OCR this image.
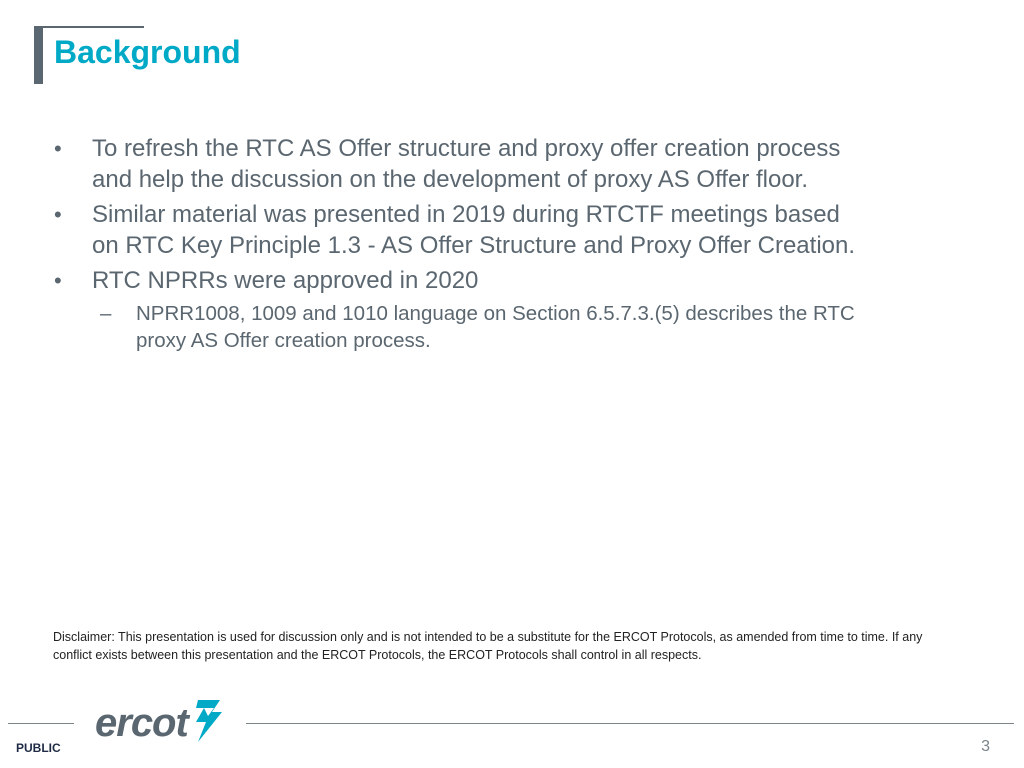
Background
• To refresh the RTC AS Offer structure and proxy offer creation process and help the discussion on the development of proxy AS Offer floor.
• Similar material was presented in 2019 during RTCTF meetings based on RTC Key Principle 1.3 - AS Offer Structure and Proxy Offer Creation.
• RTC NPRRs were approved in 2020
– NPRR1008, 1009 and 1010 language on Section 6.5.7.3.(5) describes the RTC proxy AS Offer creation process.
Disclaimer: This presentation is used for discussion only and is not intended to be a substitute for the ERCOT Protocols, as amended from time to time. If any conflict exists between this presentation and the ERCOT Protocols, the ERCOT Protocols shall control in all respects.
ercot
PUBLIC	3
